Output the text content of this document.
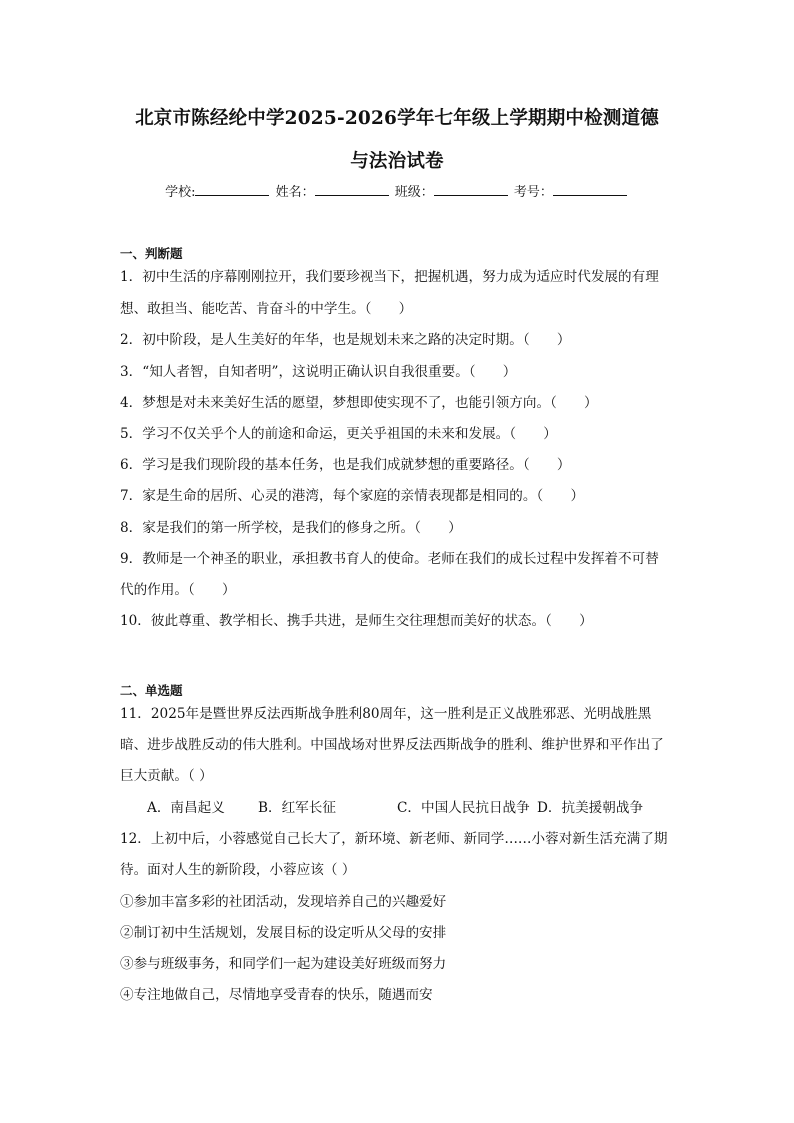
北京市陈经纶中学2025-2026学年七年级上学期期中检测道德
与法治试卷
学校:	姓名：	班级：	考号：
一、判断题
1．初中生活的序幕刚刚拉开，我们要珍视当下，把握机遇，努力成为适应时代发展的有理
想、敢担当、能吃苦、肯奋斗的中学生。（　　）
2．初中阶段，是人生美好的年华，也是规划未来之路的决定时期。（　　）
3．“知人者智，自知者明”，这说明正确认识自我很重要。（　　）
4．梦想是对未来美好生活的愿望，梦想即使实现不了，也能引领方向。（　　）
5．学习不仅关乎个人的前途和命运，更关乎祖国的未来和发展。（　　）
6．学习是我们现阶段的基本任务，也是我们成就梦想的重要路径。（　　）
7．家是生命的居所、心灵的港湾，每个家庭的亲情表现都是相同的。（　　）
8．家是我们的第一所学校，是我们的修身之所。（　　）
9．教师是一个神圣的职业，承担教书育人的使命。老师在我们的成长过程中发挥着不可替
代的作用。（　　）
10．彼此尊重、教学相长、携手共进，是师生交往理想而美好的状态。（　　）
二、单选题
11．2025年是暨世界反法西斯战争胜利80周年，这一胜利是正义战胜邪恶、光明战胜黑
暗、进步战胜反动的伟大胜利。中国战场对世界反法西斯战争的胜利、维护世界和平作出了
巨大贡献。（ ）
A．南昌起义 B．红军长征	C．中国人民抗日战争 D．抗美援朝战争
12．上初中后，小蓉感觉自己长大了，新环境、新老师、新同学……小蓉对新生活充满了期
待。面对人生的新阶段，小蓉应该（ ）
①参加丰富多彩的社团活动，发现培养自己的兴趣爱好
②制订初中生活规划，发展目标的设定听从父母的安排
③参与班级事务，和同学们一起为建设美好班级而努力
④专注地做自己，尽情地享受青春的快乐，随遇而安
